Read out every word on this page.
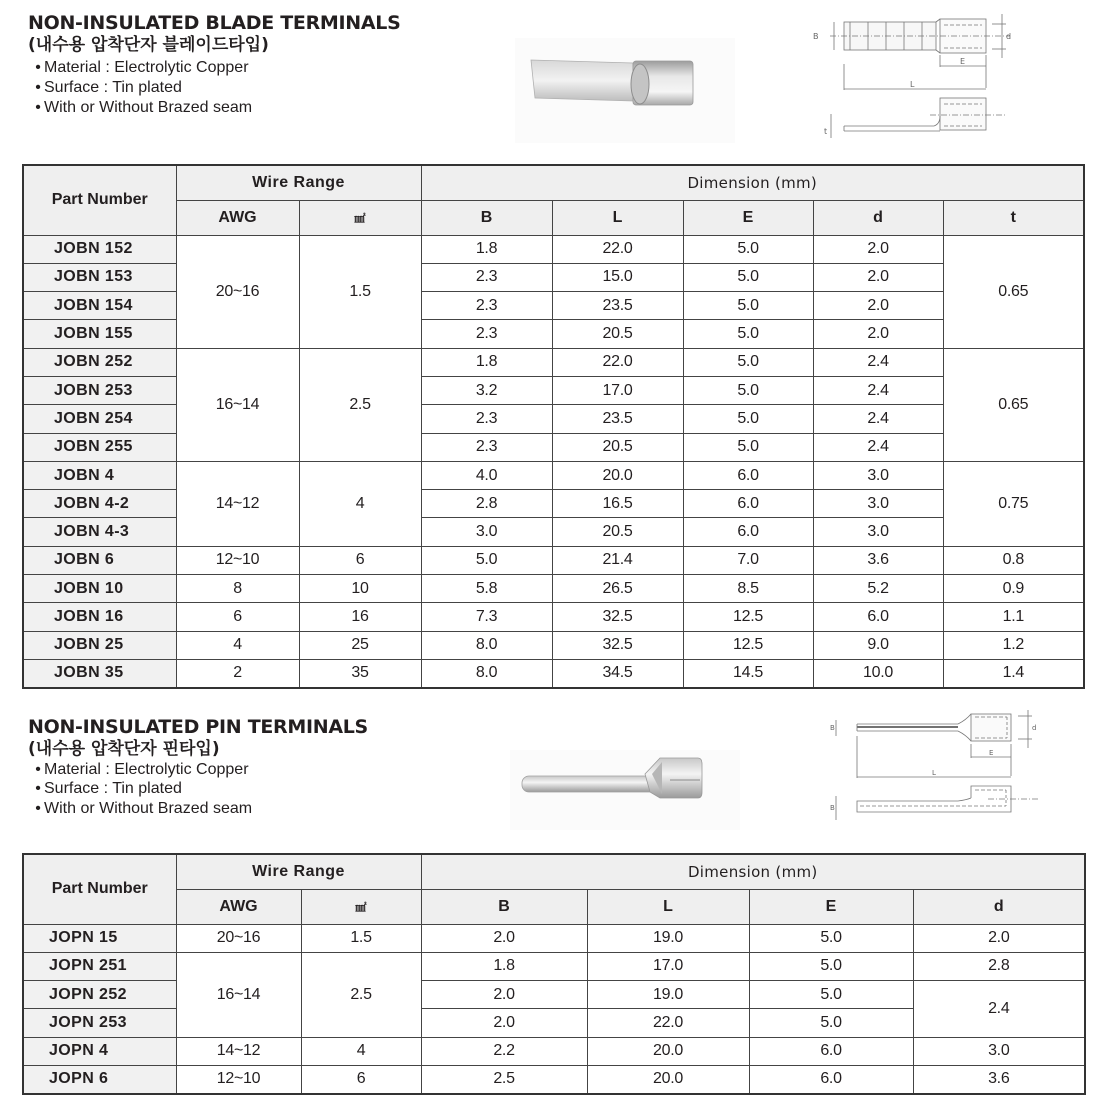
NON-INSULATED BLADE TERMINALS
(내수용 압착단자 블레이드타입)
• Material : Electrolytic Copper
• Surface : Tin plated
• With or Without Brazed seam
B	d
E
L
t
Part Number	Wire Range		Dimension (mm)				
	AWG	㎟	B	L	E	d	t
JOBN 152	20~16	1.5	1.8	22.0	5.0	2.0	0.65
JOBN 153			2.3	15.0	5.0	2.0	
JOBN 154			2.3	23.5	5.0	2.0	
JOBN 155			2.3	20.5	5.0	2.0	
JOBN 252	16~14	2.5	1.8	22.0	5.0	2.4	0.65
JOBN 253			3.2	17.0	5.0	2.4	
JOBN 254			2.3	23.5	5.0	2.4	
JOBN 255			2.3	20.5	5.0	2.4	
JOBN 4	14~12	4	4.0	20.0	6.0	3.0	0.75
JOBN 4-2			2.8	16.5	6.0	3.0	
JOBN 4-3			3.0	20.5	6.0	3.0	
JOBN 6	12~10	6	5.0	21.4	7.0	3.6	0.8
JOBN 10	8	10	5.8	26.5	8.5	5.2	0.9
JOBN 16	6	16	7.3	32.5	12.5	6.0	1.1
JOBN 25	4	25	8.0	32.5	12.5	9.0	1.2
JOBN 35	2	35	8.0	34.5	14.5	10.0	1.4
NON-INSULATED PIN TERMINALS
(내수용 압착단자 핀타입)
• Material : Electrolytic Copper
• Surface : Tin plated
• With or Without Brazed seam
B	d
E
L
B
Part Number	Wire Range		Dimension (mm)			
	AWG	㎟	B	L	E	d
JOPN 15	20~16	1.5	2.0	19.0	5.0	2.0
JOPN 251	16~14	2.5	1.8	17.0	5.0	2.8
JOPN 252			2.0	19.0	5.0	2.4
JOPN 253			2.0	22.0	5.0	
JOPN 4	14~12	4	2.2	20.0	6.0	3.0
JOPN 6	12~10	6	2.5	20.0	6.0	3.6
